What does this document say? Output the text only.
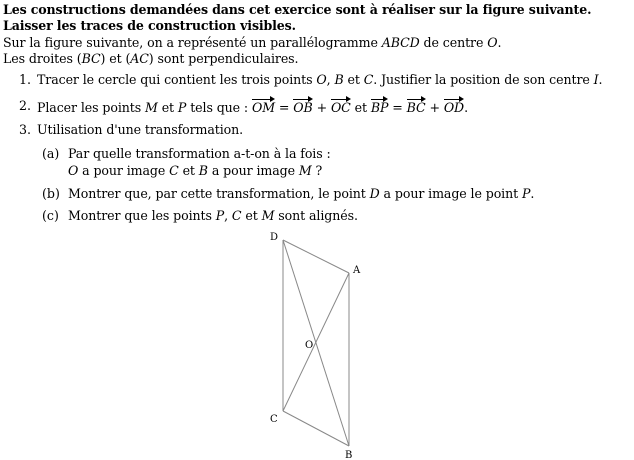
Les constructions demandées dans cet exercice sont à réaliser sur la figure suivante. Laisser les traces de construction visibles.
Sur la figure suivante, on a représenté un parallélogramme ABCD de centre O.
Les droites (BC) et (AC) sont perpendiculaires.
1. Tracer le cercle qui contient les trois points O, B et C. Justifier la position de son centre I.
2. Placer les points M et P tels que : OM = OB + OC et BP = BC + OD.
3. Utilisation d'une transformation.
(a) Par quelle transformation a-t-on à la fois :
O a pour image C et B a pour image M ?
(b) Montrer que, par cette transformation, le point D a pour image le point P.
(c) Montrer que les points P, C et M sont alignés.
D
A
O
C
B
